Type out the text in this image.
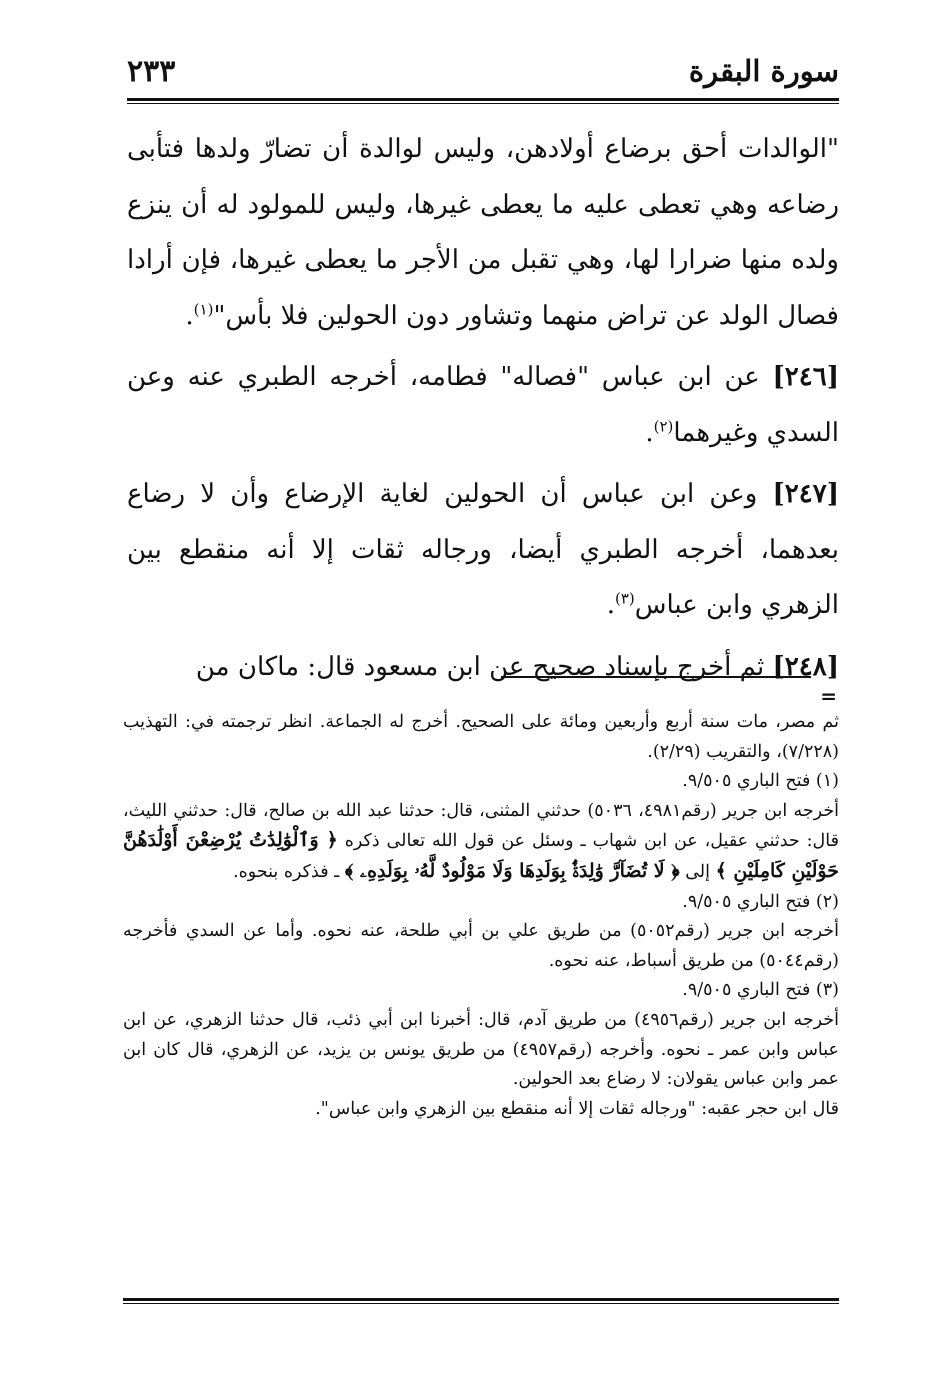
سورة البقرة
٢٣٣

"الوالدات أحق برضاع أولادهن، وليس لوالدة أن تضارّ ولدها فتأبى رضاعه وهي تعطى عليه ما يعطى غيرها، وليس للمولود له أن ينزع ولده منها ضرارا لها، وهي تقبل من الأجر ما يعطى غيرها، فإن أرادا فصال الولد عن تراض منهما وتشاور دون الحولين فلا بأس"$^{(١)}$.

[٢٤٦] عن ابن عباس "فصاله" فطامه، أخرجه الطبري عنه وعن السدي وغيرهما$^{(٢)}$.

[٢٤٧] وعن ابن عباس أن الحولين لغاية الإرضاع وأن لا رضاع بعدهما، أخرجه الطبري أيضا، ورجاله ثقات إلا أنه منقطع بين الزهري وابن عباس$^{(٣)}$.

[٢٤٨] ثم أخرج بإسناد صحيح عن ابن مسعود قال: ماكان من

=

ثم مصر، مات سنة أربع وأربعين ومائة على الصحيح. أخرج له الجماعة. انظر ترجمته في: التهذيب (٧/٢٢٨)، والتقريب (٢/٢٩).

(١) فتح الباري ٩/٥٠٥.

أخرجه ابن جرير (رقم٤٩٨١، ٥٠٣٦) حدثني المثنى، قال: حدثنا عبد الله بن صالح، قال: حدثني الليث، قال: حدثني عقيل، عن ابن شهاب ـ وسئل عن قول الله تعالى ذكره ﴿ وَٱلْوَٰلِدَٰتُ يُرْضِعْنَ أَوْلَٰدَهُنَّ حَوْلَيْنِ كَامِلَيْنِ ﴾ إلى ﴿ لَا تُضَآرَّ وَٰلِدَةٌۢ بِوَلَدِهَا وَلَا مَوْلُودٌ لَّهُۥ بِوَلَدِهِۦ ﴾ ـ فذكره بنحوه.

(٢) فتح الباري ٩/٥٠٥.

أخرجه ابن جرير (رقم٥٠٥٢) من طريق علي بن أبي طلحة، عنه نحوه. وأما عن السدي فأخرجه (رقم٥٠٤٤) من طريق أسباط، عنه نحوه.

(٣) فتح الباري ٩/٥٠٥.

أخرجه ابن جرير (رقم٤٩٥٦) من طريق آدم، قال: أخبرنا ابن أبي ذئب، قال حدثنا الزهري، عن ابن عباس وابن عمر ـ نحوه. وأخرجه (رقم٤٩٥٧) من طريق يونس بن يزيد، عن الزهري، قال كان ابن عمر وابن عباس يقولان: لا رضاع بعد الحولين.

قال ابن حجر عقبه: "ورجاله ثقات إلا أنه منقطع بين الزهري وابن عباس".
